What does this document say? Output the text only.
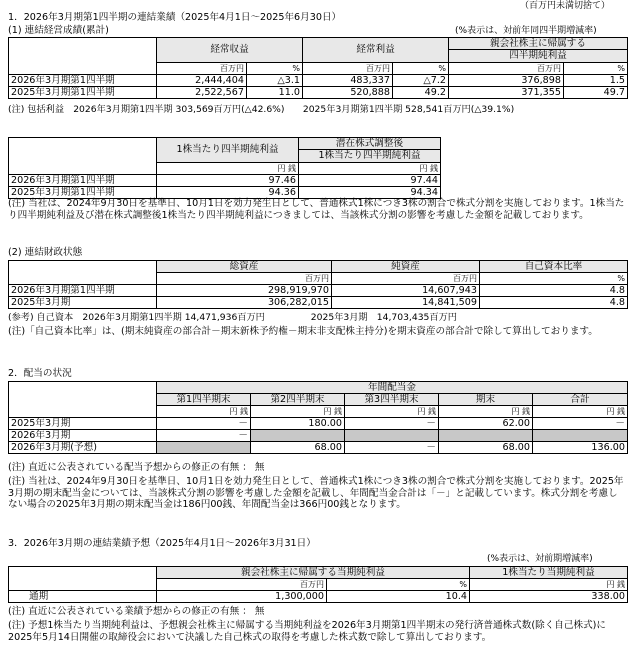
（百万円未満切捨て）
1．2026年3月期第1四半期の連結業績（2025年4月1日～2025年6月30日）
(1) 連結経営成績(累計)	(%表示は、対前年同四半期増減率)
	経常収益		経常利益		親会社株主に帰属する	
					四半期純利益	
	百万円	%	百万円	%	百万円	%
2026年3月期第1四半期	2,444,404	△3.1	483,337	△7.2	376,898	1.5
2025年3月期第1四半期	2,522,567	11.0	520,888	49.2	371,355	49.7
(注) 包括利益　2026年3月期第1四半期 303,569百万円(△42.6%)　　2025年3月期第1四半期 528,541百万円(△39.1%)
	1株当たり四半期純利益	潜在株式調整後
		1株当たり四半期純利益
	円 銭	円 銭
2026年3月期第1四半期	97.46	97.44
2025年3月期第1四半期	94.36	94.34
(注) 当社は、2024年9月30日を基準日、10月1日を効力発生日として、普通株式1株につき3株の割合で株式分割を実施しております。1株当たり四半期純利益及び潜在株式調整後1株当たり四半期純利益につきましては、当該株式分割の影響を考慮した金額を記載しております。
(2) 連結財政状態
	総資産	純資産	自己資本比率
	百万円	百万円	%
2026年3月期第1四半期	298,919,970	14,607,943	4.8
2025年3月期	306,282,015	14,841,509	4.8
(参考) 自己資本　2026年3月期第1四半期 14,471,936百万円　　　　　2025年3月期　14,703,435百万円
(注)「自己資本比率」は、(期末純資産の部合計－期末新株予約権－期末非支配株主持分)を期末資産の部合計で除して算出しております。
2．配当の状況
	年間配当金				
	第1四半期末	第2四半期末	第3四半期末	期末	合計
	円 銭	円 銭	円 銭	円 銭	円 銭
2025年3月期	－	180.00	－	62.00	－
2026年3月期	－				
2026年3月期(予想)		68.00	－	68.00	136.00
(注) 直近に公表されている配当予想からの修正の有無 ： 無
(注) 当社は、2024年9月30日を基準日、10月1日を効力発生日として、普通株式1株につき3株の割合で株式分割を実施しております。2025年3月期の期末配当金については、当該株式分割の影響を考慮した金額を記載し、年間配当金合計は「－」と記載しています。株式分割を考慮しない場合の2025年3月期の期末配当金は186円00銭、年間配当金は366円00銭となります。
3．2026年3月期の連結業績予想（2025年4月1日～2026年3月31日）
(%表示は、対前期増減率)
	親会社株主に帰属する当期純利益		1株当たり当期純利益
	百万円	%	円 銭
通期	1,300,000	10.4	338.00
(注) 直近に公表されている業績予想からの修正の有無 ： 無
(注) 予想1株当たり当期純利益は、予想親会社株主に帰属する当期純利益を2026年3月期第1四半期末の発行済普通株式数(除く自己株式)に2025年5月14日開催の取締役会において決議した自己株式の取得を考慮した株式数で除して算出しております。
